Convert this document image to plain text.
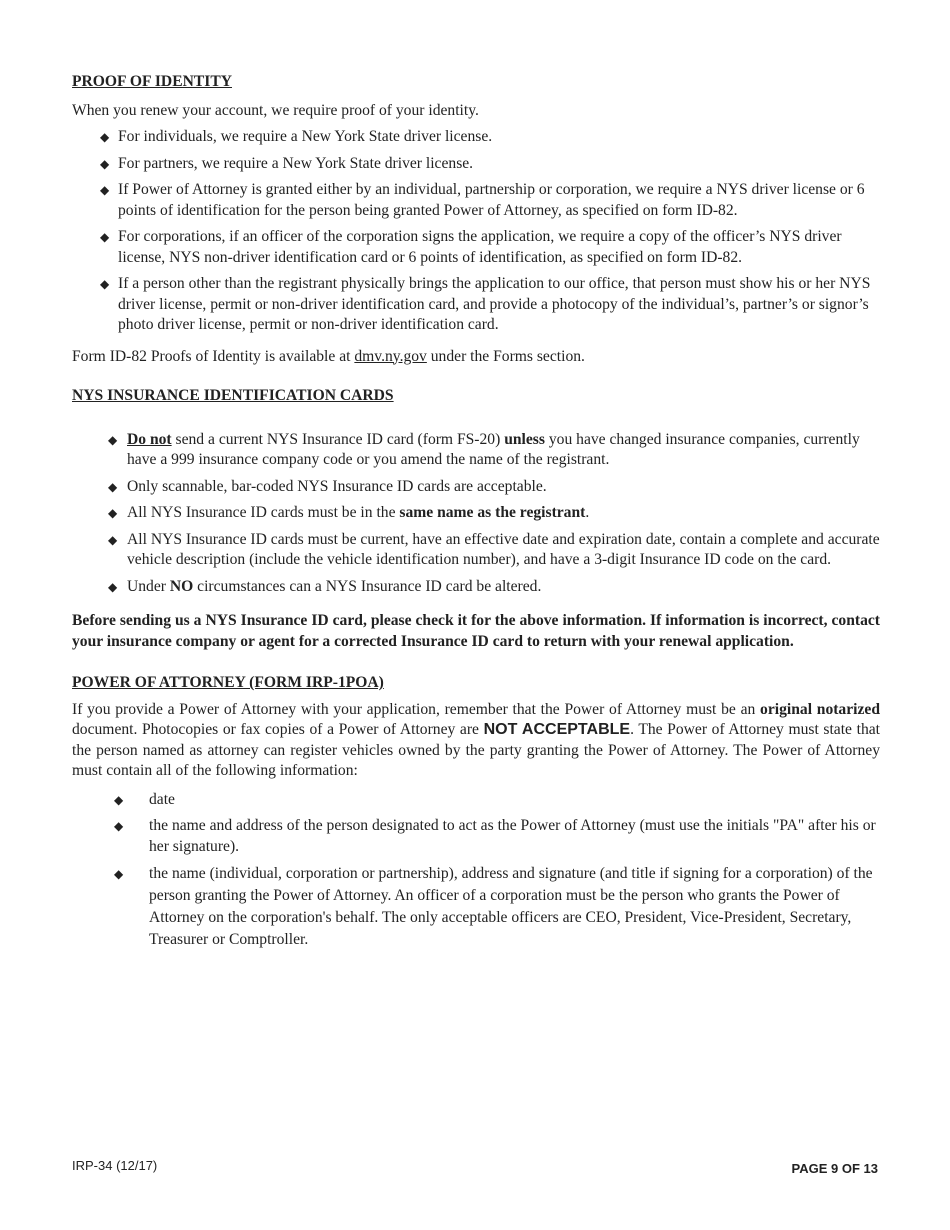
PROOF OF IDENTITY

When you renew your account, we require proof of your identity.

◆ For individuals, we require a New York State driver license.
◆ For partners, we require a New York State driver license.
◆ If Power of Attorney is granted either by an individual, partnership or corporation, we require a NYS driver license or 6 points of identification for the person being granted Power of Attorney, as specified on form ID-82.
◆ For corporations, if an officer of the corporation signs the application, we require a copy of the officer’s NYS driver license, NYS non-driver identification card or 6 points of identification, as specified on form ID-82.
◆ If a person other than the registrant physically brings the application to our office, that person must show his or her NYS driver license, permit or non-driver identification card, and provide a photocopy of the individual’s, partner’s or signor’s photo driver license, permit or non-driver identification card.

Form ID-82 Proofs of Identity is available at dmv.ny.gov under the Forms section.

NYS INSURANCE IDENTIFICATION CARDS
◆ Do not send a current NYS Insurance ID card (form FS-20) unless you have changed insurance companies, currently have a 999 insurance company code or you amend the name of the registrant.
◆ Only scannable, bar-coded NYS Insurance ID cards are acceptable.
◆ All NYS Insurance ID cards must be in the same name as the registrant.
◆ All NYS Insurance ID cards must be current, have an effective date and expiration date, contain a complete and accurate vehicle description (include the vehicle identification number), and have a 3-digit Insurance ID code on the card.
◆ Under NO circumstances can a NYS Insurance ID card be altered.

Before sending us a NYS Insurance ID card, please check it for the above information. If information is incorrect, contact your insurance company or agent for a corrected Insurance ID card to return with your renewal application.

POWER OF ATTORNEY (FORM IRP-1POA)

If you provide a Power of Attorney with your application, remember that the Power of Attorney must be an original notarized document. Photocopies or fax copies of a Power of Attorney are NOT ACCEPTABLE. The Power of Attorney must state that the person named as attorney can register vehicles owned by the party granting the Power of Attorney. The Power of Attorney must contain all of the following information:

◆ date
◆ the name and address of the person designated to act as the Power of Attorney (must use the initials "PA" after his or her signature).
◆ the name (individual, corporation or partnership), address and signature (and title if signing for a corporation) of the person granting the Power of Attorney. An officer of a corporation must be the person who grants the Power of Attorney on the corporation's behalf. The only acceptable officers are CEO, President, Vice-President, Secretary, Treasurer or Comptroller.
IRP-34 (12/17)	PAGE 9 OF 13
